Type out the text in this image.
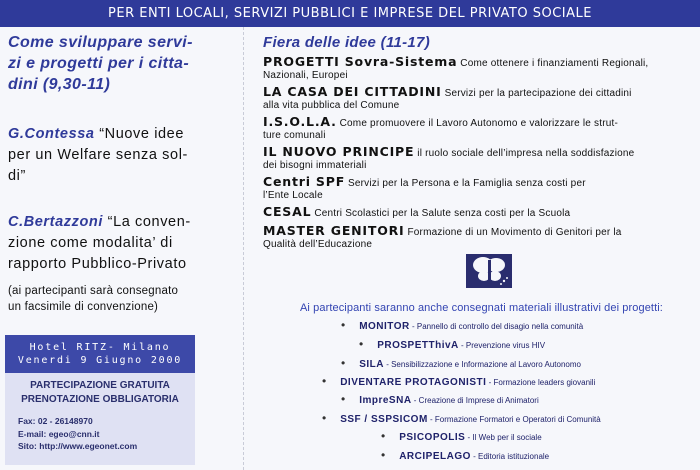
PER ENTI LOCALI, SERVIZI PUBBLICI E IMPRESE DEL PRIVATO SOCIALE
Come sviluppare servi-
zi e progetti per i citta-
dini (9,30-11)
G.Contessa “Nuove idee
per un Welfare senza sol-
di”
C.Bertazzoni “La conven-
zione come modalita’ di
rapporto Pubblico-Privato
(ai partecipanti sarà consegnato
un facsimile di convenzione)
Hotel RITZ- Milano
Venerdi 9 Giugno 2000
PARTECIPAZIONE GRATUITA
PRENOTAZIONE OBBLIGATORIA
Fax: 02 - 26148970
E-mail: egeo@cnn.it
Sito: http://www.egeonet.com
Fiera delle idee (11-17)
PROGETTI Sovra-Sistema Come ottenere i finanziamenti Regionali,
Nazionali, Europei
LA CASA DEI CITTADINI Servizi per la partecipazione dei cittadini
alla vita pubblica del Comune
I.S.O.L.A. Come promuovere il Lavoro Autonomo e valorizzare le strut-
ture comunali
IL NUOVO PRINCIPE il ruolo sociale dell’impresa nella soddisfazione
dei bisogni immateriali
Centri SPF Servizi per la Persona e la Famiglia senza costi per
l’Ente Locale
CESAL Centri Scolastici per la Salute senza costi per la Scuola
MASTER GENITORI Formazione di un Movimento di Genitori per la
Qualità dell’Educazione
Ai partecipanti saranno anche consegnati materiali illustrativi dei progetti:
• MONITOR - Pannello di controllo del disagio nella comunità
• PROSPETThivA - Prevenzione virus HIV
• SILA - Sensibilizzazione e Informazione al Lavoro Autonomo
• DIVENTARE PROTAGONISTI - Formazione leaders giovanili
• ImpreSNA - Creazione di Imprese di Animatori
• SSF / SSPSICOM - Formazione Formatori e Operatori di Comunità
• PSICOPOLIS - Il Web per il sociale
• ARCIPELAGO - Editoria istituzionale
